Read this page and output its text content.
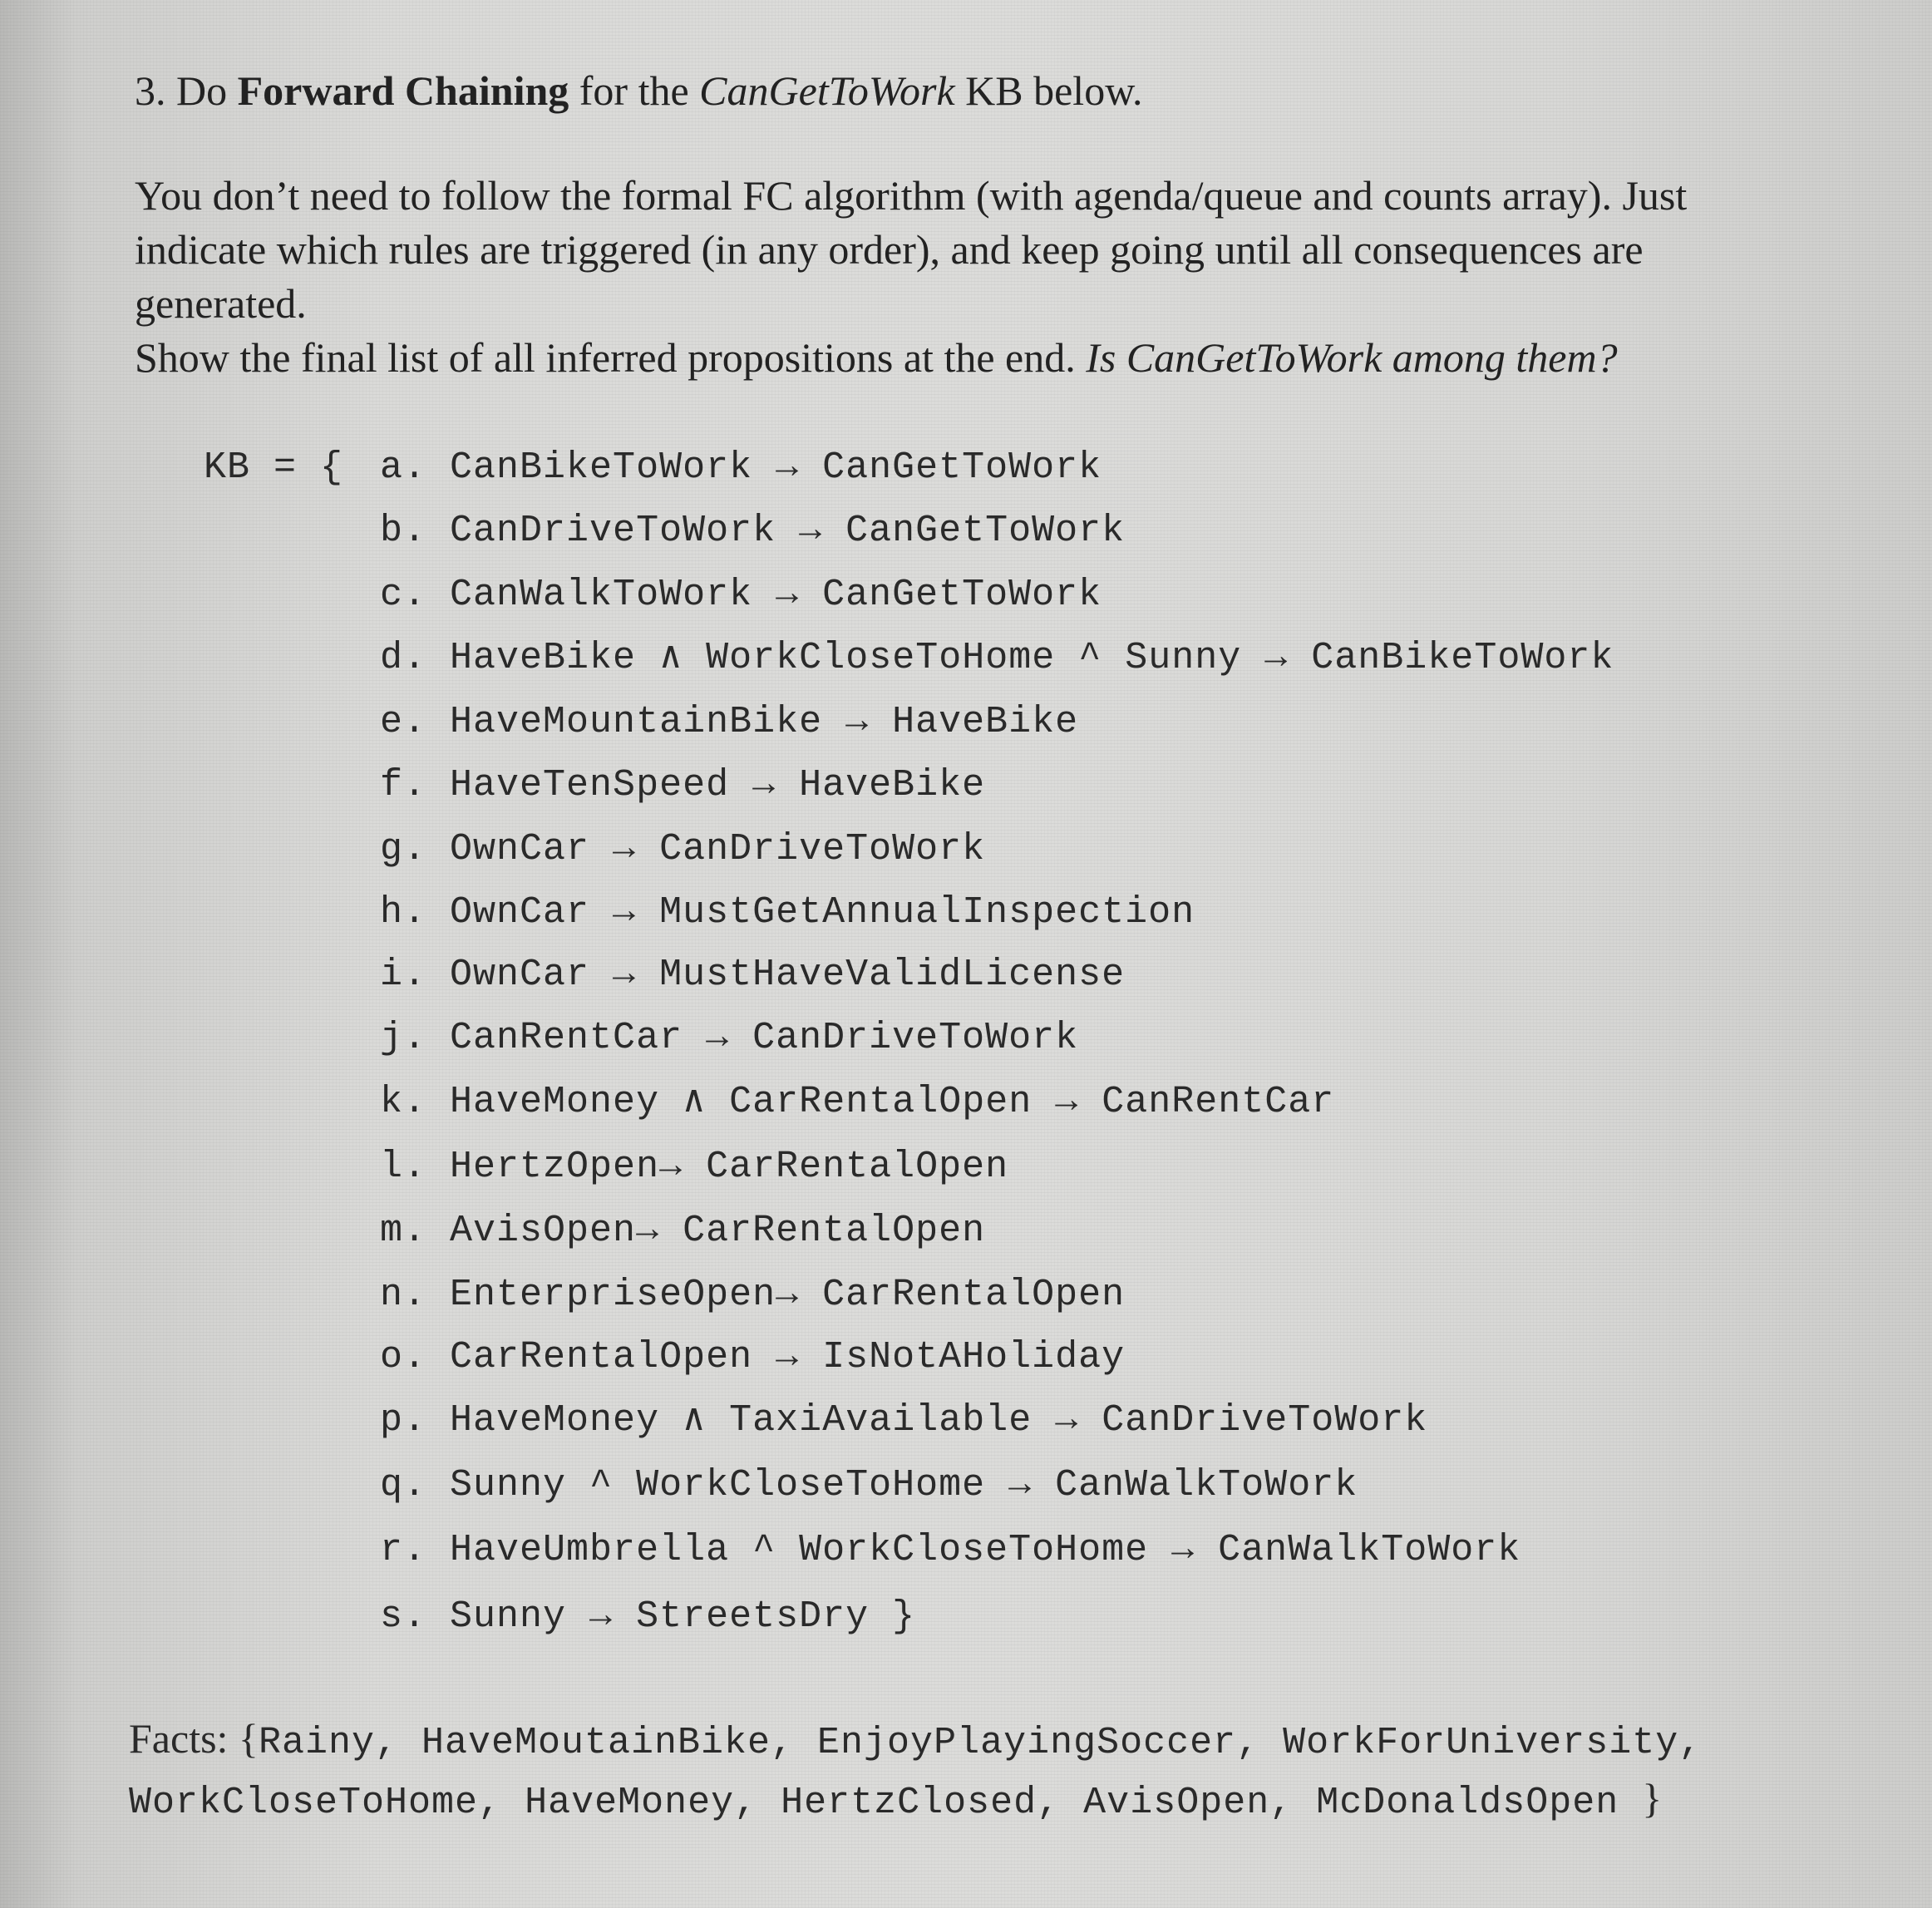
3. Do Forward Chaining for the CanGetToWork KB below.
You don’t need to follow the formal FC algorithm (with agenda/queue and counts array). Just
indicate which rules are triggered (in any order), and keep going until all consequences are
generated.
Show the final list of all inferred propositions at the end. Is CanGetToWork among them?
KB = { a. CanBikeToWork → CanGetToWork
b. CanDriveToWork → CanGetToWork
c. CanWalkToWork → CanGetToWork
d. HaveBike ∧ WorkCloseToHome ^ Sunny → CanBikeToWork
e. HaveMountainBike → HaveBike
f. HaveTenSpeed → HaveBike
g. OwnCar → CanDriveToWork
h. OwnCar → MustGetAnnualInspection
i. OwnCar → MustHaveValidLicense
j. CanRentCar → CanDriveToWork
k. HaveMoney ∧ CarRentalOpen → CanRentCar
l. HertzOpen→ CarRentalOpen
m. AvisOpen→ CarRentalOpen
n. EnterpriseOpen→ CarRentalOpen
o. CarRentalOpen → IsNotAHoliday
p. HaveMoney ∧ TaxiAvailable → CanDriveToWork
q. Sunny ^ WorkCloseToHome → CanWalkToWork
r. HaveUmbrella ^ WorkCloseToHome → CanWalkToWork
s. Sunny → StreetsDry }
Facts: {Rainy, HaveMoutainBike, EnjoyPlayingSoccer, WorkForUniversity,
WorkCloseToHome, HaveMoney, HertzClosed, AvisOpen, McDonaldsOpen }
